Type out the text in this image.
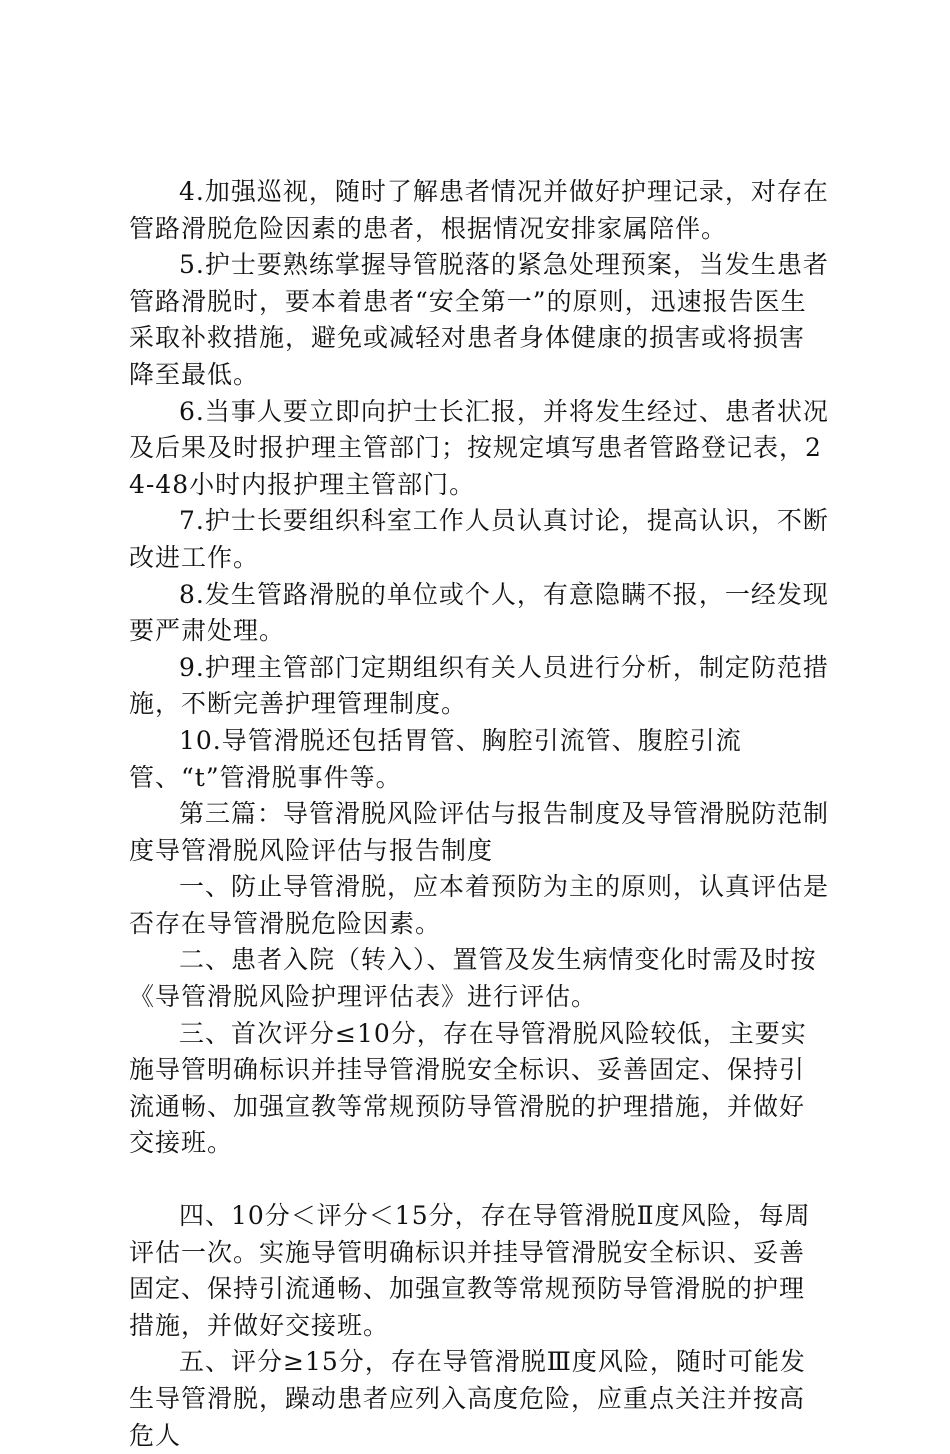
4.加强巡视，随时了解患者情况并做好护理记录，对存在管路滑脱危险因素的患者，根据情况安排家属陪伴。

5.护士要熟练掌握导管脱落的紧急处理预案，当发生患者管路滑脱时，要本着患者“安全第一”的原则，迅速报告医生采取补救措施，避免或减轻对患者身体健康的损害或将损害降至最低。

6.当事人要立即向护士长汇报，并将发生经过、患者状况及后果及时报护理主管部门；按规定填写患者管路登记表，24-48小时内报护理主管部门。

7.护士长要组织科室工作人员认真讨论，提高认识，不断改进工作。

8.发生管路滑脱的单位或个人，有意隐瞒不报，一经发现要严肃处理。

9.护理主管部门定期组织有关人员进行分析，制定防范措施，不断完善护理管理制度。

10.导管滑脱还包括胃管、胸腔引流管、腹腔引流管、“t”管滑脱事件等。

第三篇：导管滑脱风险评估与报告制度及导管滑脱防范制度导管滑脱风险评估与报告制度

一、防止导管滑脱，应本着预防为主的原则，认真评估是否存在导管滑脱危险因素。

二、患者入院（转入）、置管及发生病情变化时需及时按《导管滑脱风险护理评估表》进行评估。

三、首次评分≤10分，存在导管滑脱风险较低，主要实施导管明确标识并挂导管滑脱安全标识、妥善固定、保持引流通畅、加强宣教等常规预防导管滑脱的护理措施，并做好交接班。

四、10分＜评分＜15分，存在导管滑脱Ⅱ度风险，每周评估一次。实施导管明确标识并挂导管滑脱安全标识、妥善固定、保持引流通畅、加强宣教等常规预防导管滑脱的护理措施，并做好交接班。

五、评分≥15分，存在导管滑脱Ⅲ度风险，随时可能发生导管滑脱，躁动患者应列入高度危险，应重点关注并按高危人
